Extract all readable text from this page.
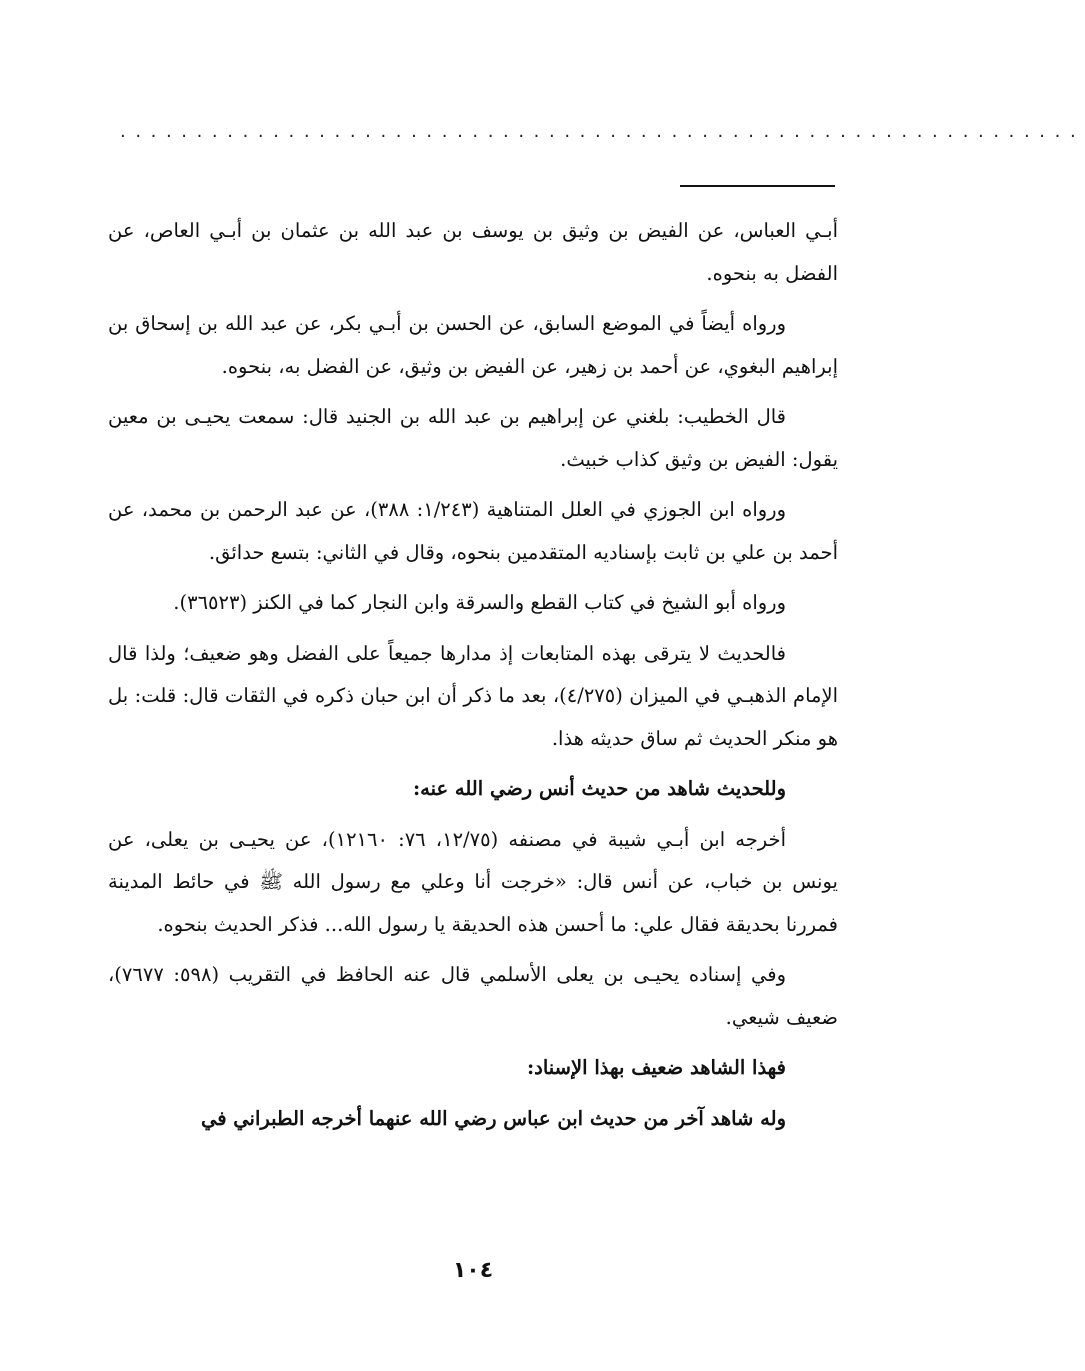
...............................................................

أبـي العباس، عن الفيض بن وثيق بن يوسف بن عبد الله بن عثمان بن أبـي العاص، عن الفضل به بنحوه.

ورواه أيضاً في الموضع السابق، عن الحسن بن أبـي بكر، عن عبد الله بن إسحاق بن إبراهيم البغوي، عن أحمد بن زهير، عن الفيض بن وثيق، عن الفضل به، بنحوه.

قال الخطيب: بلغني عن إبراهيم بن عبد الله بن الجنيد قال: سمعت يحيـى بن معين يقول: الفيض بن وثيق كذاب خبيث.

ورواه ابن الجوزي في العلل المتناهية (١/٢٤٣: ٣٨٨)، عن عبد الرحمن بن محمد، عن أحمد بن علي بن ثابت بإسناديه المتقدمين بنحوه، وقال في الثاني: بتسع حدائق.

ورواه أبو الشيخ في كتاب القطع والسرقة وابن النجار كما في الكنز (٣٦٥٢٣).

فالحديث لا يترقى بهذه المتابعات إذ مدارها جميعاً على الفضل وهو ضعيف؛ ولذا قال الإمام الذهبـي في الميزان (٤/٢٧٥)، بعد ما ذكر أن ابن حبان ذكره في الثقات قال: قلت: بل هو منكر الحديث ثم ساق حديثه هذا.

وللحديث شاهد من حديث أنس رضي الله عنه:

أخرجه ابن أبـي شيبة في مصنفه (١٢/٧٥، ٧٦: ١٢١٦٠)، عن يحيـى بن يعلى، عن يونس بن خباب، عن أنس قال: «خرجت أنا وعلي مع رسول الله ﷺ في حائط المدينة فمررنا بحديقة فقال علي: ما أحسن هذه الحديقة يا رسول الله... فذكر الحديث بنحوه.

وفي إسناده يحيـى بن يعلى الأسلمي قال عنه الحافظ في التقريب (٥٩٨: ٧٦٧٧)، ضعيف شيعي.

فهذا الشاهد ضعيف بهذا الإسناد:

وله شاهد آخر من حديث ابن عباس رضي الله عنهما أخرجه الطبراني في

١٠٤
